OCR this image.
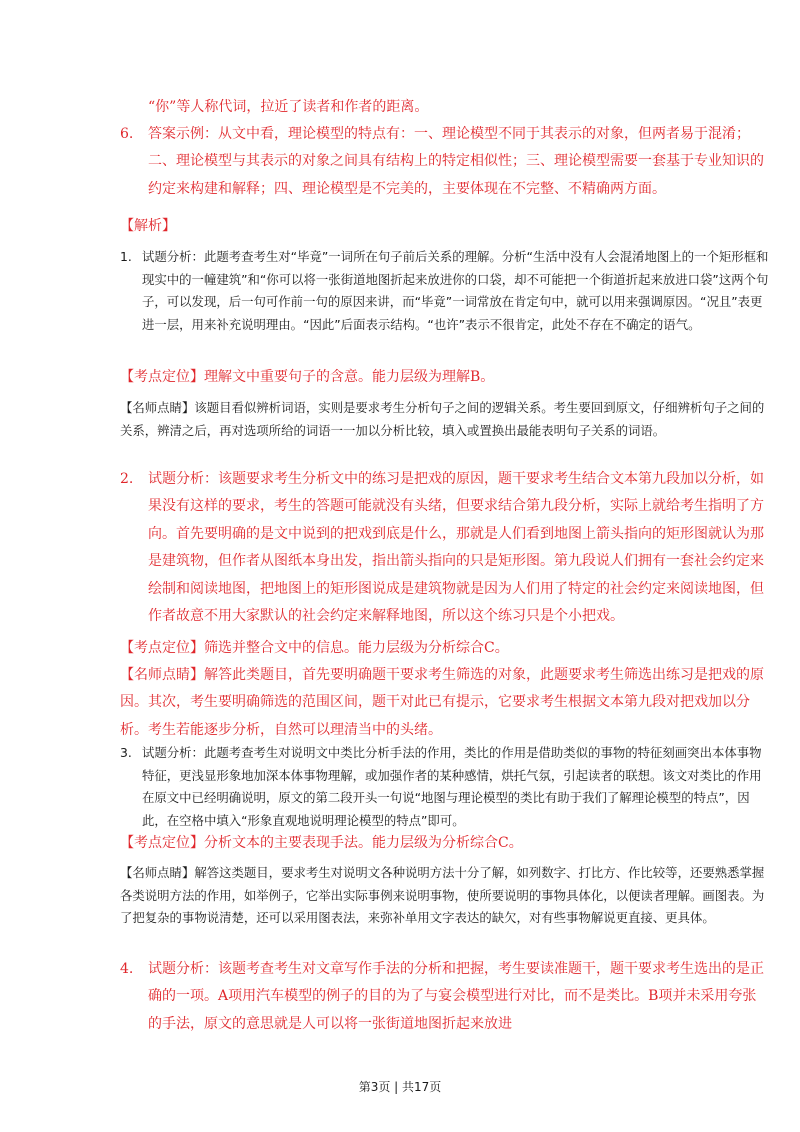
“你”等人称代词，拉近了读者和作者的距离。

6. 答案示例：从文中看，理论模型的特点有：一、理论模型不同于其表示的对象，但两者易于混淆；二、理论模型与其表示的对象之间具有结构上的特定相似性；三、理论模型需要一套基于专业知识的约定来构建和解释；四、理论模型是不完美的，主要体现在不完整、不精确两方面。

【解析】

1. 试题分析：此题考查考生对“毕竟”一词所在句子前后关系的理解。分析“生活中没有人会混淆地图上的一个矩形框和现实中的一幢建筑”和“你可以将一张街道地图折起来放进你的口袋，却不可能把一个街道折起来放进口袋”这两个句子，可以发现，后一句可作前一句的原因来讲，而“毕竟”一词常放在肯定句中，就可以用来强调原因。“况且”表更进一层，用来补充说明理由。“因此”后面表示结构。“也许”表示不很肯定，此处不存在不确定的语气。

【考点定位】理解文中重要句子的含意。能力层级为理解B。

【名师点睛】该题目看似辨析词语，实则是要求考生分析句子之间的逻辑关系。考生要回到原文，仔细辨析句子之间的关系，辨清之后，再对选项所给的词语一一加以分析比较，填入或置换出最能表明句子关系的词语。

2. 试题分析：该题要求考生分析文中的练习是把戏的原因，题干要求考生结合文本第九段加以分析，如果没有这样的要求，考生的答题可能就没有头绪，但要求结合第九段分析，实际上就给考生指明了方向。首先要明确的是文中说到的把戏到底是什么，那就是人们看到地图上箭头指向的矩形图就认为那是建筑物，但作者从图纸本身出发，指出箭头指向的只是矩形图。第九段说人们拥有一套社会约定来绘制和阅读地图，把地图上的矩形图说成是建筑物就是因为人们用了特定的社会约定来阅读地图，但作者故意不用大家默认的社会约定来解释地图，所以这个练习只是个小把戏。

【考点定位】筛选并整合文中的信息。能力层级为分析综合C。

【名师点睛】解答此类题目，首先要明确题干要求考生筛选的对象，此题要求考生筛选出练习是把戏的原因。其次，考生要明确筛选的范围区间，题干对此已有提示，它要求考生根据文本第九段对把戏加以分析。考生若能逐步分析，自然可以理清当中的头绪。

3. 试题分析：此题考查考生对说明文中类比分析手法的作用，类比的作用是借助类似的事物的特征刻画突出本体事物特征，更浅显形象地加深本体事物理解，或加强作者的某种感情，烘托气氛，引起读者的联想。该文对类比的作用在原文中已经明确说明，原文的第二段开头一句说“地图与理论模型的类比有助于我们了解理论模型的特点”，因此，在空格中填入“形象直观地说明理论模型的特点”即可。

【考点定位】分析文本的主要表现手法。能力层级为分析综合C。

【名师点睛】解答这类题目，要求考生对说明文各种说明方法十分了解，如列数字、打比方、作比较等，还要熟悉掌握各类说明方法的作用，如举例子，它举出实际事例来说明事物，使所要说明的事物具体化，以便读者理解。画图表。为了把复杂的事物说清楚，还可以采用图表法，来弥补单用文字表达的缺欠，对有些事物解说更直接、更具体。

4. 试题分析：该题考查考生对文章写作手法的分析和把握，考生要读准题干，题干要求考生选出的是正确的一项。A项用汽车模型的例子的目的为了与宴会模型进行对比，而不是类比。B项并未采用夸张的手法，原文的意思就是人可以将一张街道地图折起来放进

第3页 | 共17页
